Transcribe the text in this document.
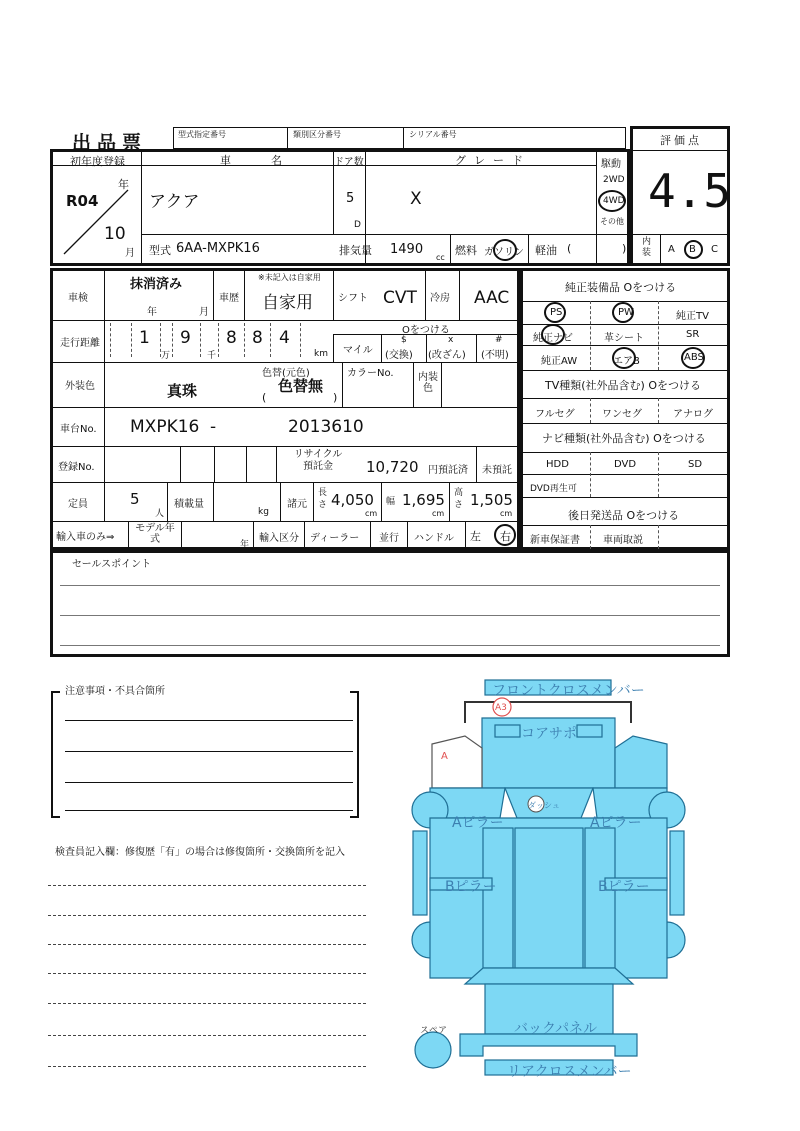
出品票	型式指定番号	類別区分番号	シリアル番号	評価点
4.5
初年度登録
年
R04
10
月
車名
アクア
型式 6AA-MXPK16
ドア数
5
D
グレード
X
駆動
2WD
4WD
その他
排気量 1490
cc
燃料 ガソリン 軽油 (	) 内装 A B C
車検
抹消済み
年	月
車歴
※未記入は自家用
自家用	シフト CVT 冷房 AAC
走行距離 1 9 8 8 4
万	千	km
Oをつける
マイル
$
(交換)
x
(改ざん)
#
(不明)
外装色	真珠
色替(元色)
色替無
(	)
カラーNo. 内装色
車台No. MXPK16 -	2013610
登録No.
リサイクル預託金	10,720 円預託済 未預託
定員	5
人
積載量
kg
諸元
長さ 4,050
cm
幅 1,695
cm
高さ 1,505
cm
輸入車のみ⇒
モデル年式	年
輸入区分 ディーラー 並行 ハンドル 左 右
純正装備品 Oをつける
PS	PW	純正TV
純正ナビ	革シート	SR
純正AW	エアB	ABS
TV種類(社外品含む) Oをつける
フルセグ	ワンセグ	アナログ
ナビ種類(社外品含む) Oをつける
HDD	DVD	SD
DVD再生可
後日発送品 Oをつける
新車保証書 車両取説
セールスポイント
注意事項・不具合箇所
検査員記入欄：修復歴「有」の場合は修復箇所・交換箇所を記入
フロントクロスメンバー
コアサポ
A3
A
ダッシュ
Aピラー	Aピラー
Bピラー	Bピラー
バックパネル
リアクロスメンバー
スペア
